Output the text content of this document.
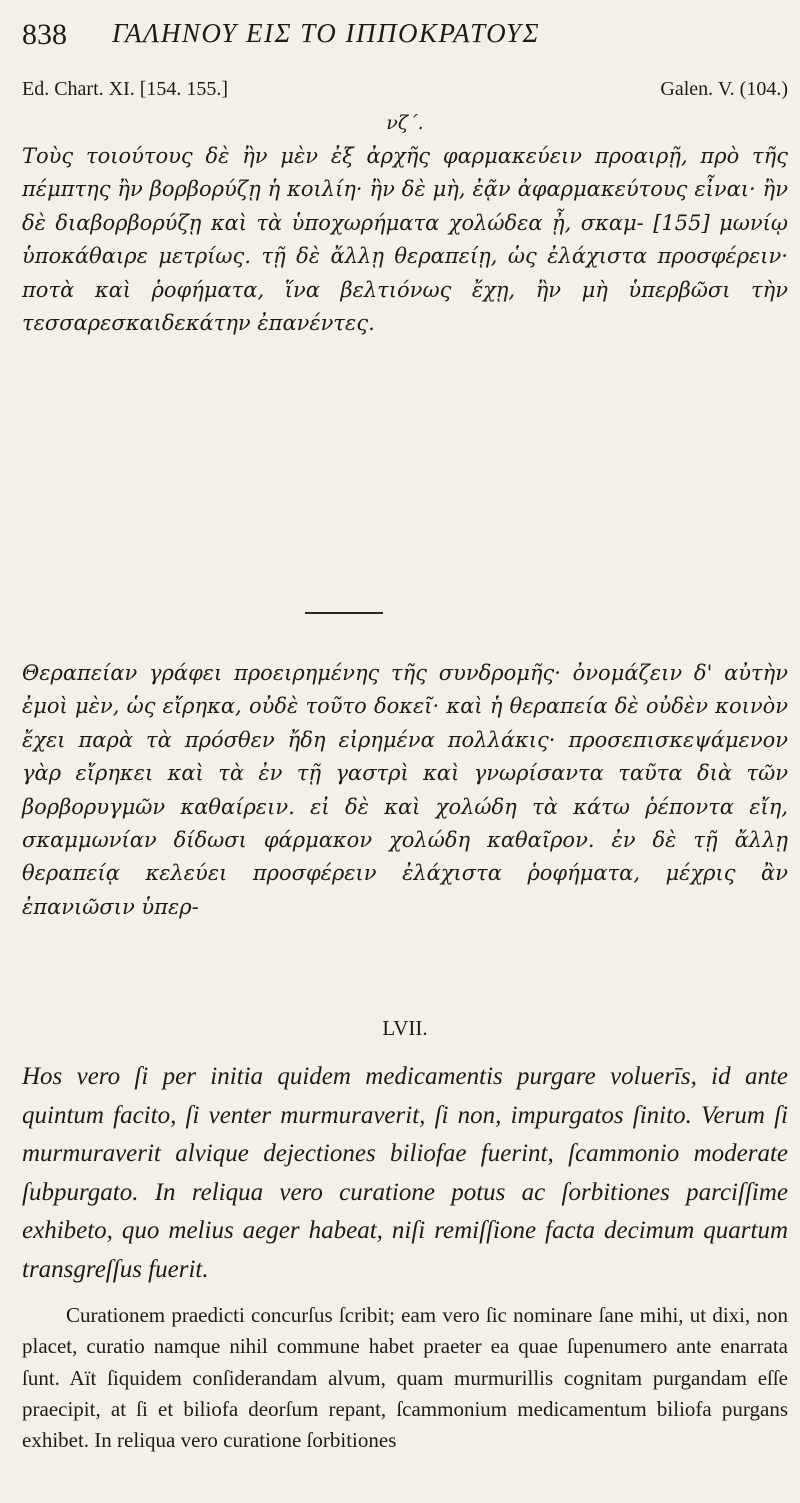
838 ΓΑΛΗΝΟΥ ΕΙΣ ΤΟ ΙΠΠΟΚΡΑΤΟΥΣ
Ed. Chart. XI. [154. 155.]	Galen. V. (104.)
νζ΄.

Τοὺς τοιούτους δὲ ἢν μὲν ἐξ ἀρχῆς φαρμακεύειν προαιρῇ, πρὸ τῆς πέμπτης ἢν βορβορύζῃ ἡ κοιλίη· ἢν δὲ μὴ, ἐᾷν ἀφαρμακεύτους εἶναι· ἢν δὲ διαβορβορύζῃ καὶ τὰ ὑποχωρήματα χολώδεα ᾖ, σκαμ- [155] μωνίῳ ὑποκάθαιρε μετρίως. τῇ δὲ ἄλλῃ θεραπείῃ, ὡς ἐλάχιστα προσφέρειν· ποτὰ καὶ ῥοφήματα, ἵνα βελτιόνως ἔχῃ, ἢν μὴ ὑπερβῶσι τὴν τεσσαρεσκαιδεκάτην ἐπανέντες.

Θεραπείαν γράφει προειρημένης τῆς συνδρομῆς· ὀνομάζειν δ' αὐτὴν ἐμοὶ μὲν, ὡς εἴρηκα, οὐδὲ τοῦτο δοκεῖ· καὶ ἡ θεραπεία δὲ οὐδὲν κοινὸν ἔχει παρὰ τὰ πρόσθεν ἤδη εἰρημένα πολλάκις· προσεπισκεψάμενον γὰρ εἴρηκει καὶ τὰ ἐν τῇ γαστρὶ καὶ γνωρίσαντα ταῦτα διὰ τῶν βορβορυγμῶν καθαίρειν. εἰ δὲ καὶ χολώδη τὰ κάτω ῥέποντα εἴη, σκαμμωνίαν δίδωσι φάρμακον χολώδη καθαῖρον. ἐν δὲ τῇ ἄλλῃ θεραπείᾳ κελεύει προσφέρειν ἐλάχιστα ῥοφήματα, μέχρις ἂν ἐπανιῶσιν ὑπερ-

LVII.

Hos vero ſi per initia quidem medicamentis purgare voluerīs, id ante quintum facito, ſi venter murmuraverit, ſi non, impurgatos ſinito. Verum ſi murmuraverit alvique dejectiones biliofae fuerint, ſcammonio moderate ſubpurgato. In reliqua vero curatione potus ac ſorbitiones parciſſime exhibeto, quo melius aeger habeat, niſi remiſſione facta decimum quartum transgreſſus fuerit.

Curationem praedicti concurſus ſcribit; eam vero ſic nominare ſane mihi, ut dixi, non placet, curatio namque nihil commune habet praeter ea quae ſupenumero ante enarrata ſunt. Aït ſiquidem conſiderandam alvum, quam murmurillis cognitam purgandam eſſe praecipit, at ſi et biliofa deorſum repant, ſcammonium medicamentum biliofa purgans exhibet. In reliqua vero curatione ſorbitiones
